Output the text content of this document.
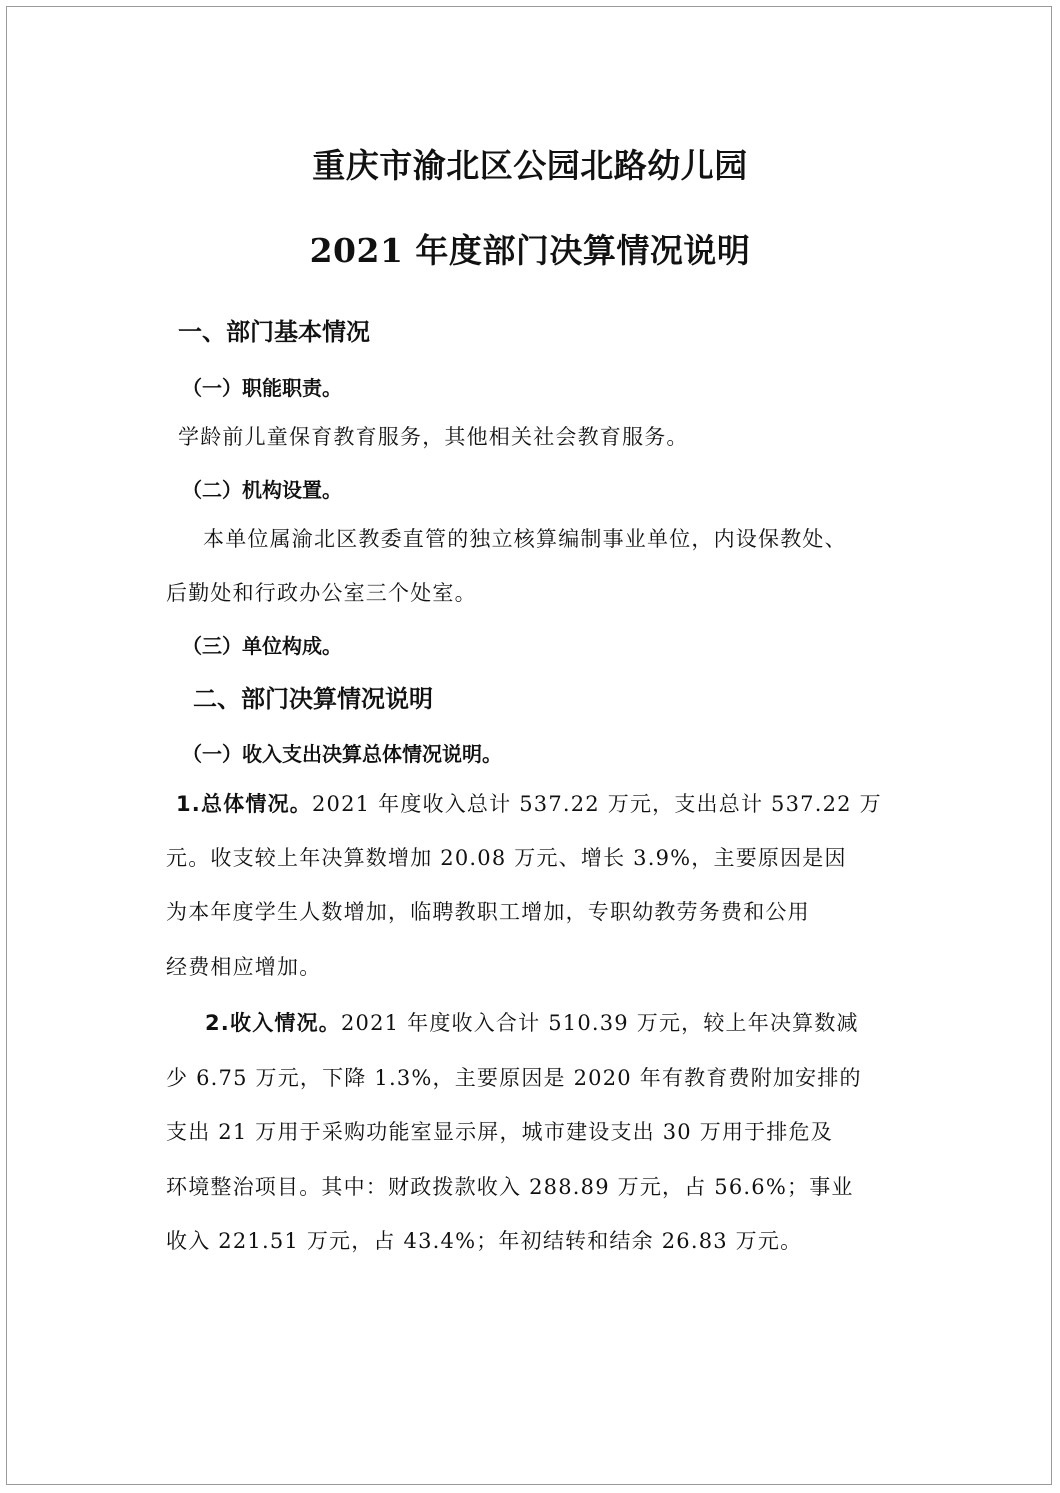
重庆市渝北区公园北路幼儿园

2021 年度部门决算情况说明

一、部门基本情况

（一）职能职责。

学龄前儿童保育教育服务，其他相关社会教育服务。

（二）机构设置。

本单位属渝北区教委直管的独立核算编制事业单位，内设保教处、

后勤处和行政办公室三个处室。

（三）单位构成。

二、部门决算情况说明

（一）收入支出决算总体情况说明。

1.总体情况。2021 年度收入总计 537.22 万元，支出总计 537.22 万

元。收支较上年决算数增加 20.08 万元、增长 3.9%，主要原因是因

为本年度学生人数增加，临聘教职工增加，专职幼教劳务费和公用

经费相应增加。

2.收入情况。2021 年度收入合计 510.39 万元，较上年决算数减

少 6.75 万元，下降 1.3%，主要原因是 2020 年有教育费附加安排的

支出 21 万用于采购功能室显示屏，城市建设支出 30 万用于排危及

环境整治项目。其中：财政拨款收入 288.89 万元，占 56.6%；事业

收入 221.51 万元，占 43.4%；年初结转和结余 26.83 万元。
